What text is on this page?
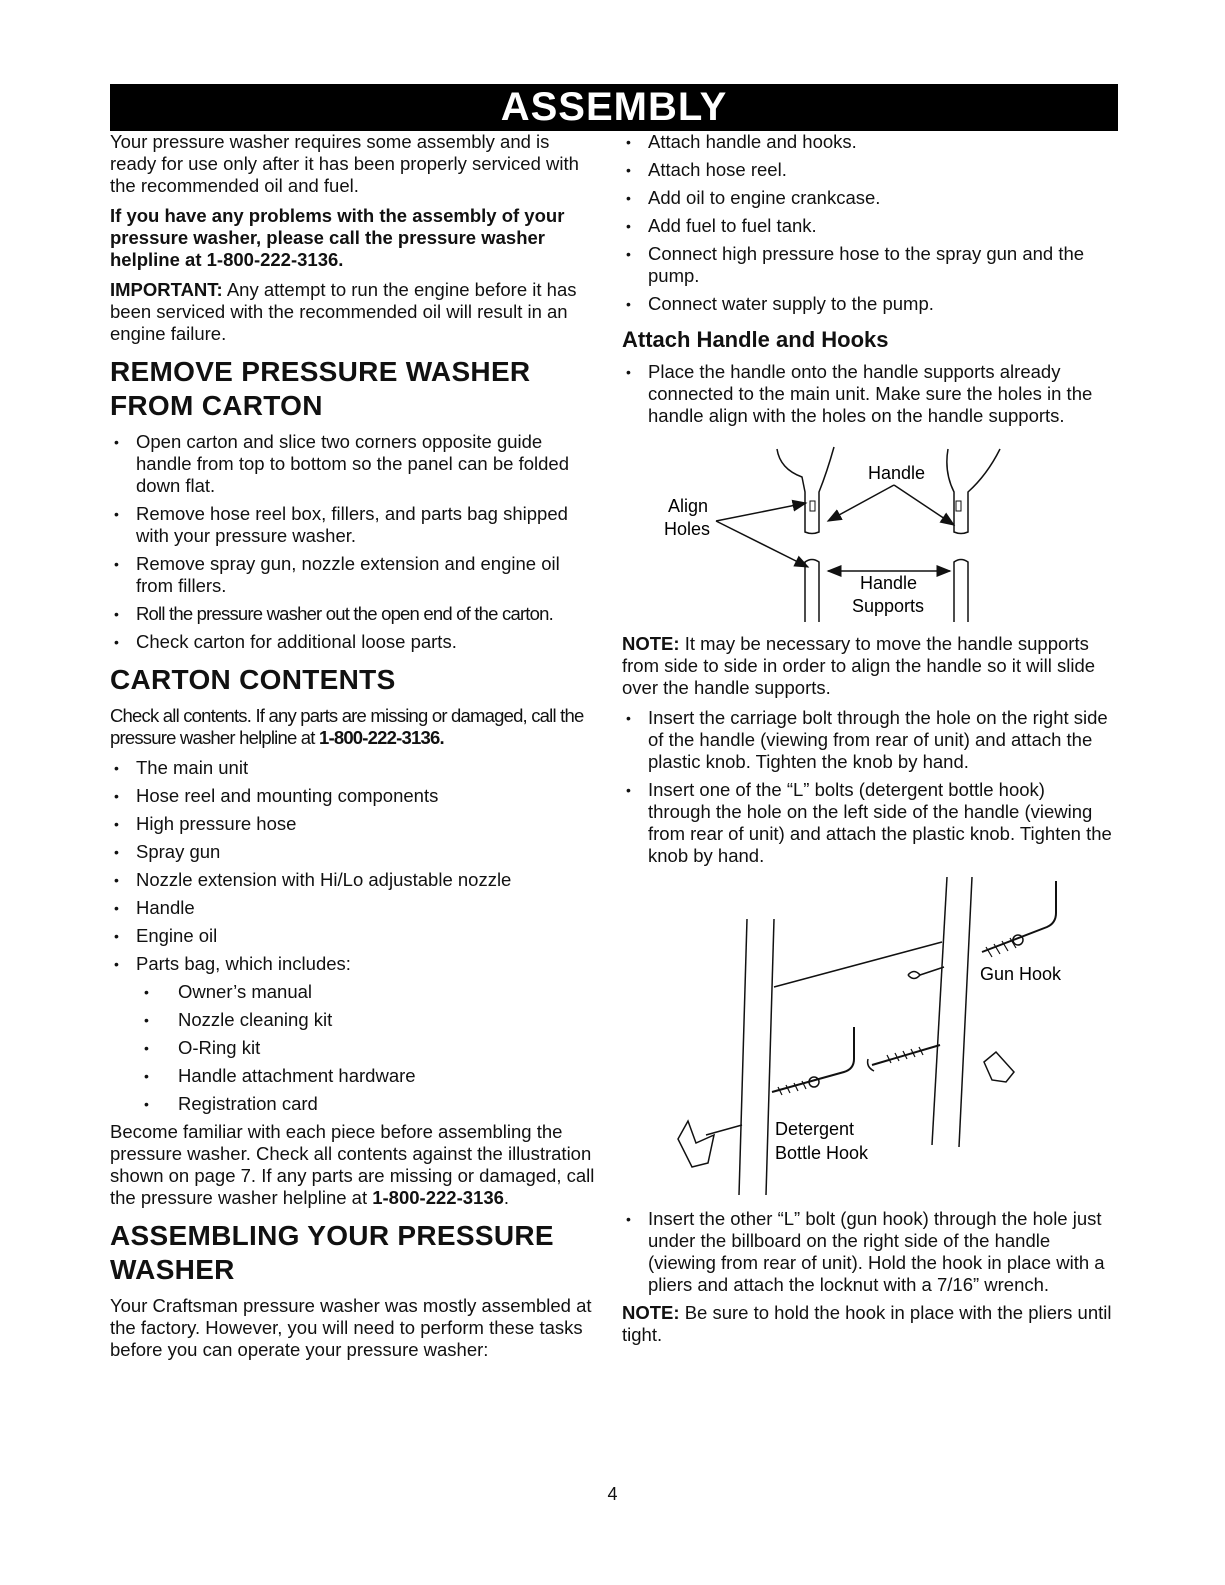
ASSEMBLY

Your pressure washer requires some assembly and is ready for use only after it has been properly serviced with the recommended oil and fuel.

If you have any problems with the assembly of your pressure washer, please call the pressure washer helpline at 1-800-222-3136.

IMPORTANT: Any attempt to run the engine before it has been serviced with the recommended oil will result in an engine failure.

REMOVE PRESSURE WASHER FROM CARTON
• Open carton and slice two corners opposite guide handle from top to bottom so the panel can be folded down flat.
• Remove hose reel box, fillers, and parts bag shipped with your pressure washer.
• Remove spray gun, nozzle extension and engine oil from fillers.
• Roll the pressure washer out the open end of the carton.
• Check carton for additional loose parts.
CARTON CONTENTS

Check all contents. If any parts are missing or damaged, call the pressure washer helpline at 1-800-222-3136.

• The main unit
• Hose reel and mounting components
• High pressure hose
• Spray gun
• Nozzle extension with Hi/Lo adjustable nozzle
• Handle
• Engine oil
• Parts bag, which includes:
• Owner’s manual
• Nozzle cleaning kit
• O-Ring kit
• Handle attachment hardware
• Registration card

Become familiar with each piece before assembling the pressure washer. Check all contents against the illustration shown on page 7. If any parts are missing or damaged, call the pressure washer helpline at 1-800-222-3136.

ASSEMBLING YOUR PRESSURE WASHER

Your Craftsman pressure washer was mostly assembled at the factory. However, you will need to perform these tasks before you can operate your pressure washer:

• Attach handle and hooks.
• Attach hose reel.
• Add oil to engine crankcase.
• Add fuel to fuel tank.
• Connect high pressure hose to the spray gun and the pump.
• Connect water supply to the pump.
Attach Handle and Hooks
• Place the handle onto the handle supports already connected to the main unit. Make sure the holes in the handle align with the holes on the handle supports.
Align
Holes
Handle
Handle
Supports

NOTE: It may be necessary to move the handle supports from side to side in order to align the handle so it will slide over the handle supports.

• Insert the carriage bolt through the hole on the right side of the handle (viewing from rear of unit) and attach the plastic knob. Tighten the knob by hand.
• Insert one of the “L” bolts (detergent bottle hook) through the hole on the left side of the handle (viewing from rear of unit) and attach the plastic knob. Tighten the knob by hand.
Gun Hook
Detergent
Bottle Hook
• Insert the other “L” bolt (gun hook) through the hole just under the billboard on the right side of the handle (viewing from rear of unit). Hold the hook in place with a pliers and attach the locknut with a 7/16” wrench.

NOTE: Be sure to hold the hook in place with the pliers until tight.

4
